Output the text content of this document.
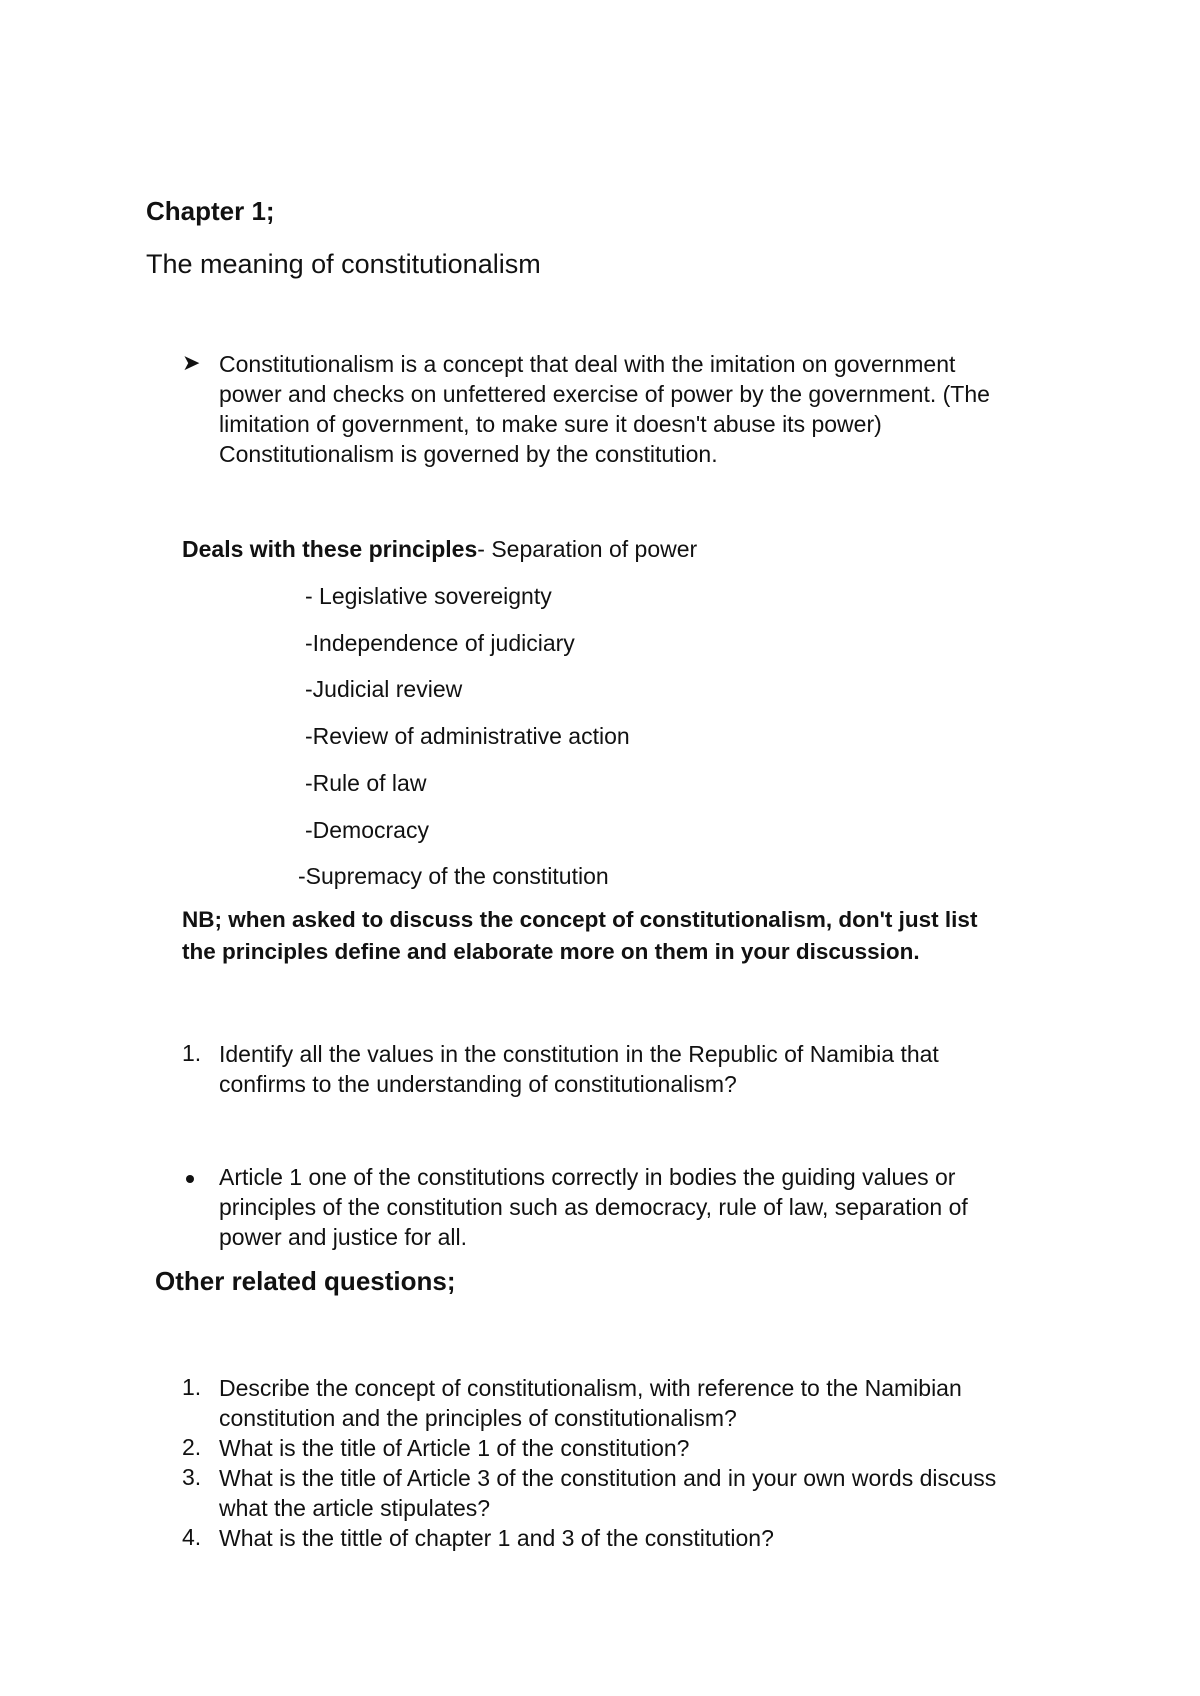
Chapter 1;
The meaning of constitutionalism
➤ Constitutionalism is a concept that deal with the imitation on government
power and checks on unfettered exercise of power by the government. (The
limitation of government, to make sure it doesn't abuse its power)
Constitutionalism is governed by the constitution.
Deals with these principles- Separation of power
- Legislative sovereignty
-Independence of judiciary
-Judicial review
-Review of administrative action
-Rule of law
-Democracy
-Supremacy of the constitution
NB; when asked to discuss the concept of constitutionalism, don't just list
the principles define and elaborate more on them in your discussion.
1. Identify all the values in the constitution in the Republic of Namibia that
confirms to the understanding of constitutionalism?
Article 1 one of the constitutions correctly in bodies the guiding values or
principles of the constitution such as democracy, rule of law, separation of
power and justice for all.
Other related questions;
1. Describe the concept of constitutionalism, with reference to the Namibian
constitution and the principles of constitutionalism?
2. What is the title of Article 1 of the constitution?
3. What is the title of Article 3 of the constitution and in your own words discuss
what the article stipulates?
4. What is the tittle of chapter 1 and 3 of the constitution?
